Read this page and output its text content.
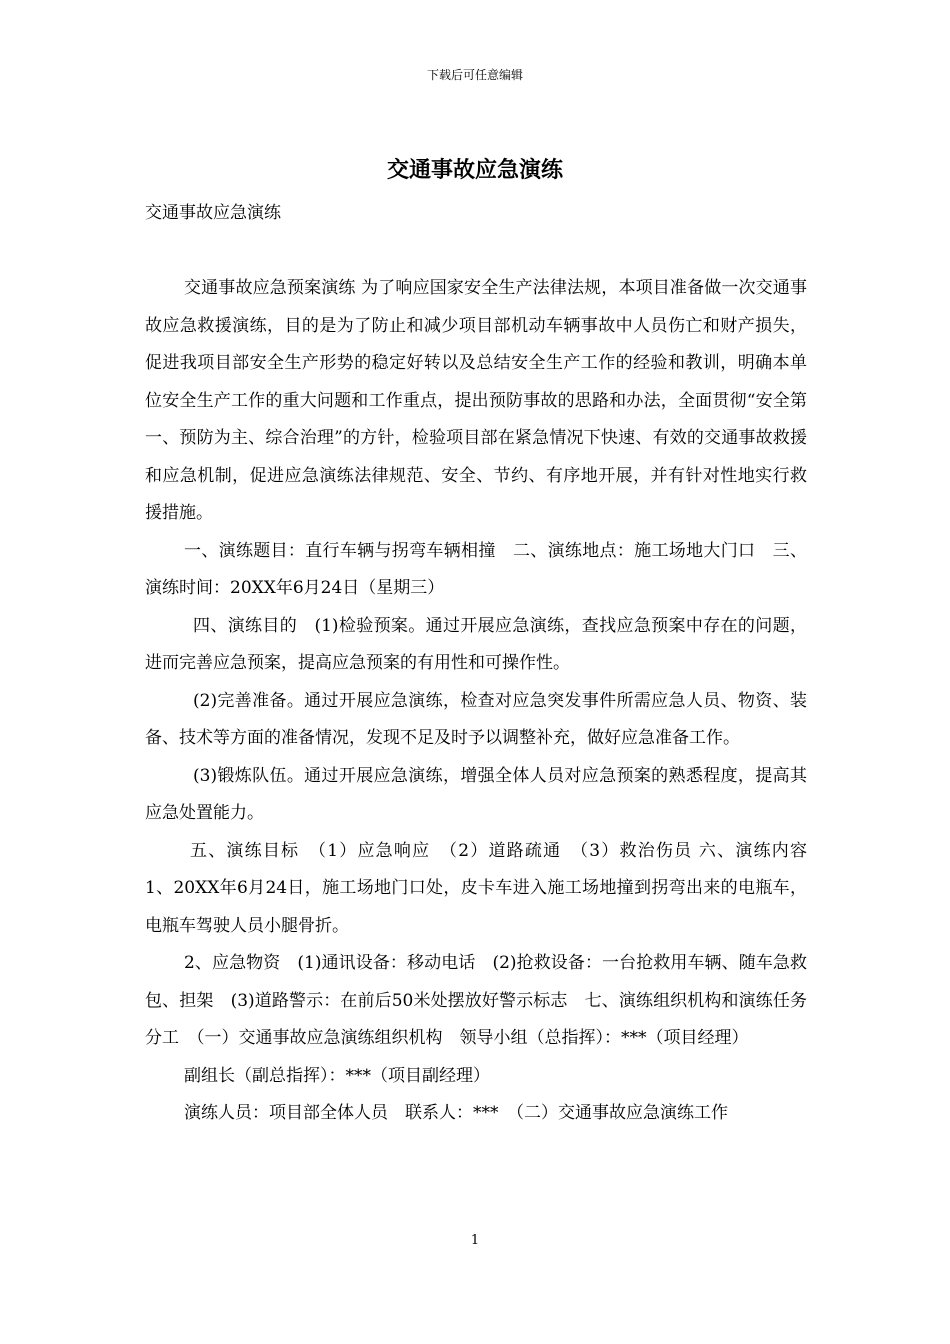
下载后可任意编辑
交通事故应急演练
交通事故应急演练

交通事故应急预案演练 为了响应国家安全生产法律法规，本项目准备做一次交通事故应急救援演练，目的是为了防止和减少项目部机动车辆事故中人员伤亡和财产损失，促进我项目部安全生产形势的稳定好转以及总结安全生产工作的经验和教训，明确本单位安全生产工作的重大问题和工作重点，提出预防事故的思路和办法，全面贯彻“安全第一、预防为主、综合治理”的方针，检验项目部在紧急情况下快速、有效的交通事故救援和应急机制，促进应急演练法律规范、安全、节约、有序地开展，并有针对性地实行救援措施。

一、演练题目：直行车辆与拐弯车辆相撞　二、演练地点：施工场地大门口　三、演练时间：20XX年6月24日（星期三）

四、演练目的　(1)检验预案。通过开展应急演练，查找应急预案中存在的问题，进而完善应急预案，提高应急预案的有用性和可操作性。

(2)完善准备。通过开展应急演练，检查对应急突发事件所需应急人员、物资、装备、技术等方面的准备情况，发现不足及时予以调整补充，做好应急准备工作。

(3)锻炼队伍。通过开展应急演练，增强全体人员对应急预案的熟悉程度，提高其应急处置能力。

五、演练目标　（1）应急响应　（2）道路疏通　（3）救治伤员 六、演练内容　1、20XX年6月24日，施工场地门口处，皮卡车进入施工场地撞到拐弯出来的电瓶车，电瓶车驾驶人员小腿骨折。

2、应急物资　(1)通讯设备：移动电话　(2)抢救设备：一台抢救用车辆、随车急救包、担架　(3)道路警示：在前后50米处摆放好警示标志　七、演练组织机构和演练任务分工　（一）交通事故应急演练组织机构　领导小组（总指挥）：***（项目经理）

副组长（副总指挥）：***（项目副经理）

演练人员：项目部全体人员　联系人：***　（二）交通事故应急演练工作

1
